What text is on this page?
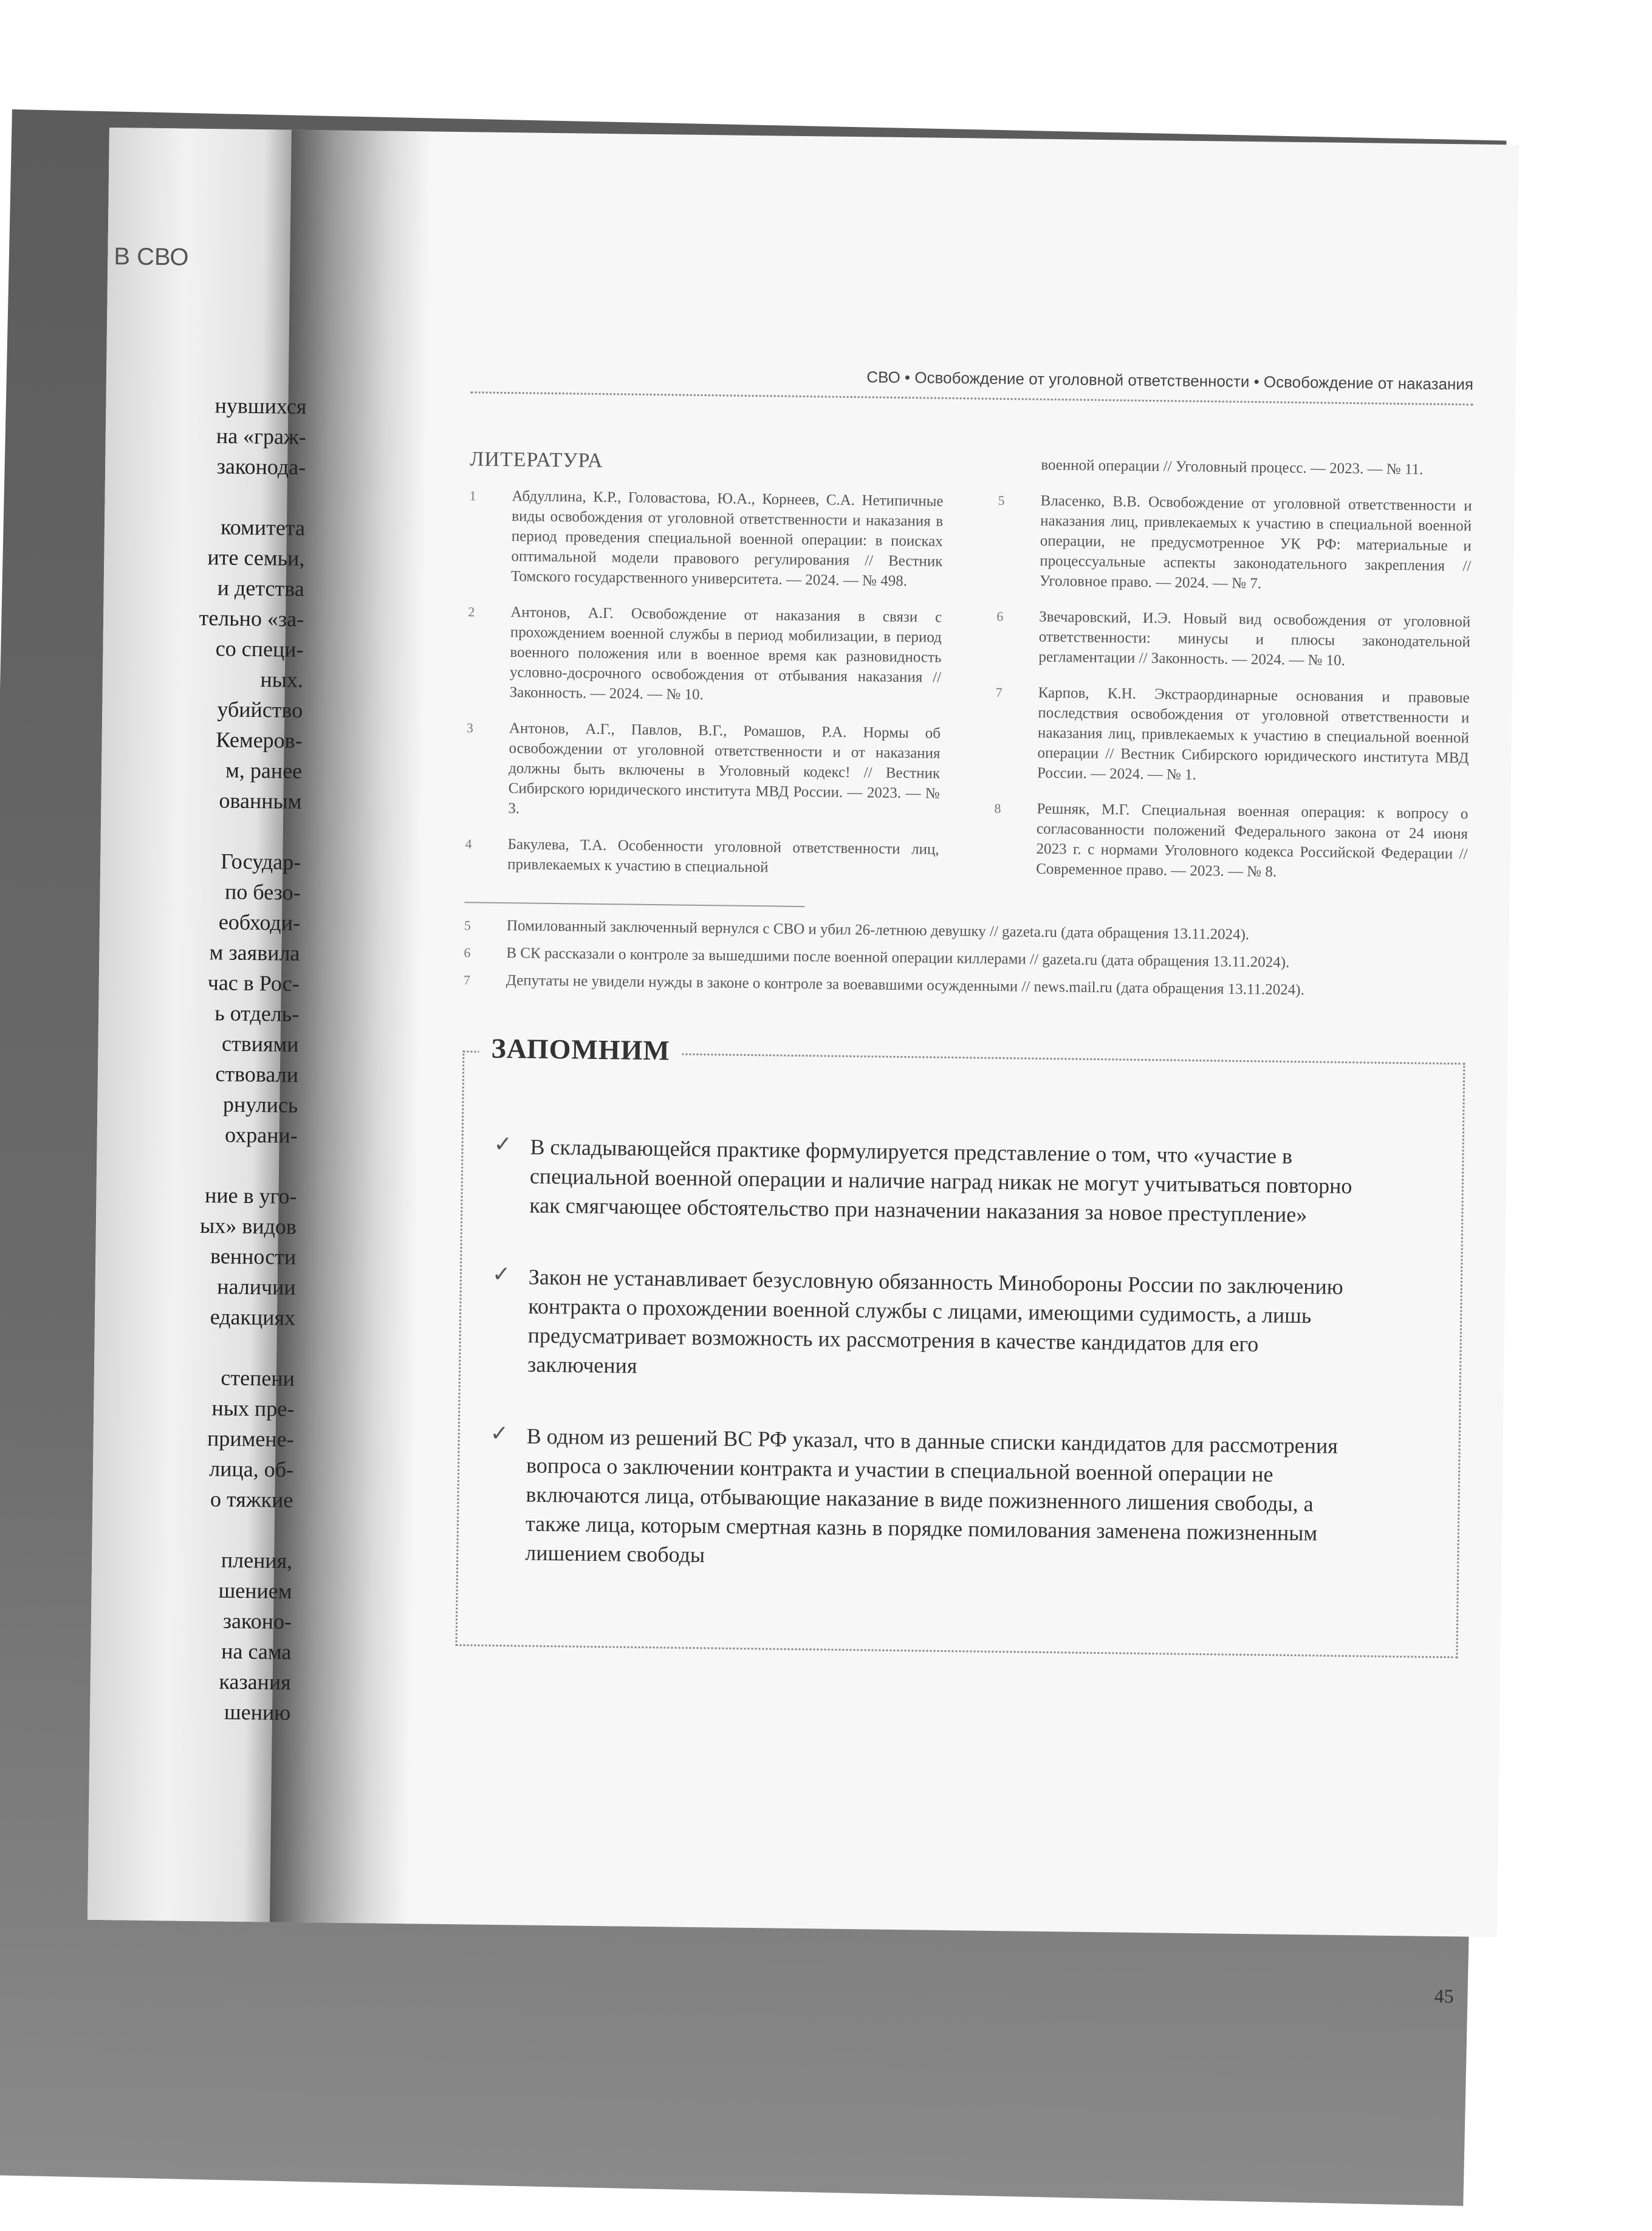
В СВО
нувшихся
на «граж-
законода-
комитета
ите семьи,
и детства
тельно «за-
со специ-
ных.
убийство
Кемеров-
м, ранее
ованным
Государ-
по безо-
еобходи-
м заявила
час в Рос-
ь отдель-
ствиями
ствовали
рнулись
охрани-
ние в уго-
ых» видов
венности
наличии
едакциях
степени
ных пре-
примене-
лица, об-
о тяжкие
пления,
шением
законо-
на сама
казания
шению
СВО • Освобождение от уголовной ответственности • Освобождение от наказания
ЛИТЕРАТУРА
1	Абдуллина, К.Р., Головастова, Ю.А., Корнеев, С.А. Нетипичные виды освобождения от уголовной ответственности и наказания в период проведения специальной военной операции: в поисках оптимальной модели правового регулирования // Вестник Томского государственного университета. — 2024. — № 498.
2	Антонов, А.Г. Освобождение от наказания в связи с прохождением военной службы в период мобилизации, в период военного положения или в военное время как разновидность условно-досрочного освобождения от отбывания наказания // Законность. — 2024. — № 10.
3	Антонов, А.Г., Павлов, В.Г., Ромашов, Р.А. Нормы об освобождении от уголовной ответственности и от наказания должны быть включены в Уголовный кодекс! // Вестник Сибирского юридического института МВД России. — 2023. — № 3.
4	Бакулева, Т.А. Особенности уголовной ответственности лиц, привлекаемых к участию в специальной
военной операции // Уголовный процесс. — 2023. — № 11.
5	Власенко, В.В. Освобождение от уголовной ответственности и наказания лиц, привлекаемых к участию в специальной военной операции, не предусмотренное УК РФ: материальные и процессуальные аспекты законодательного закрепления // Уголовное право. — 2024. — № 7.
6	Звечаровский, И.Э. Новый вид освобождения от уголовной ответственности: минусы и плюсы законодательной регламентации // Законность. — 2024. — № 10.
7	Карпов, К.Н. Экстраординарные основания и правовые последствия освобождения от уголовной ответственности и наказания лиц, привлекаемых к участию в специальной военной операции // Вестник Сибирского юридического института МВД России. — 2024. — № 1.
8	Решняк, М.Г. Специальная военная операция: к вопросу о согласованности положений Федерального закона от 24 июня 2023 г. с нормами Уголовного кодекса Российской Федерации // Современное право. — 2023. — № 8.
5	Помилованный заключенный вернулся с СВО и убил 26-летнюю девушку // gazeta.ru (дата обращения 13.11.2024).
6	В СК рассказали о контроле за вышедшими после военной операции киллерами // gazeta.ru (дата обращения 13.11.2024).
7	Депутаты не увидели нужды в законе о контроле за воевавшими осужденными // news.mail.ru (дата обращения 13.11.2024).
ЗАПОМНИМ
✓ В складывающейся практике формулируется представление о том, что «участие в специальной военной операции и наличие наград никак не могут учитываться повторно как смягчающее обстоятельство при назначении наказания за новое преступление»
✓ Закон не устанавливает безусловную обязанность Минобороны России по заключению контракта о прохождении военной службы с лицами, имеющими судимость, а лишь предусматривает возможность их рассмотрения в качестве кандидатов для его заключения
✓ В одном из решений ВС РФ указал, что в данные списки кандидатов для рассмотрения вопроса о заключении контракта и участии в специальной военной операции не включаются лица, отбывающие наказание в виде пожизненного лишения свободы, а также лица, которым смертная казнь в порядке помилования заменена пожизненным лишением свободы
45
